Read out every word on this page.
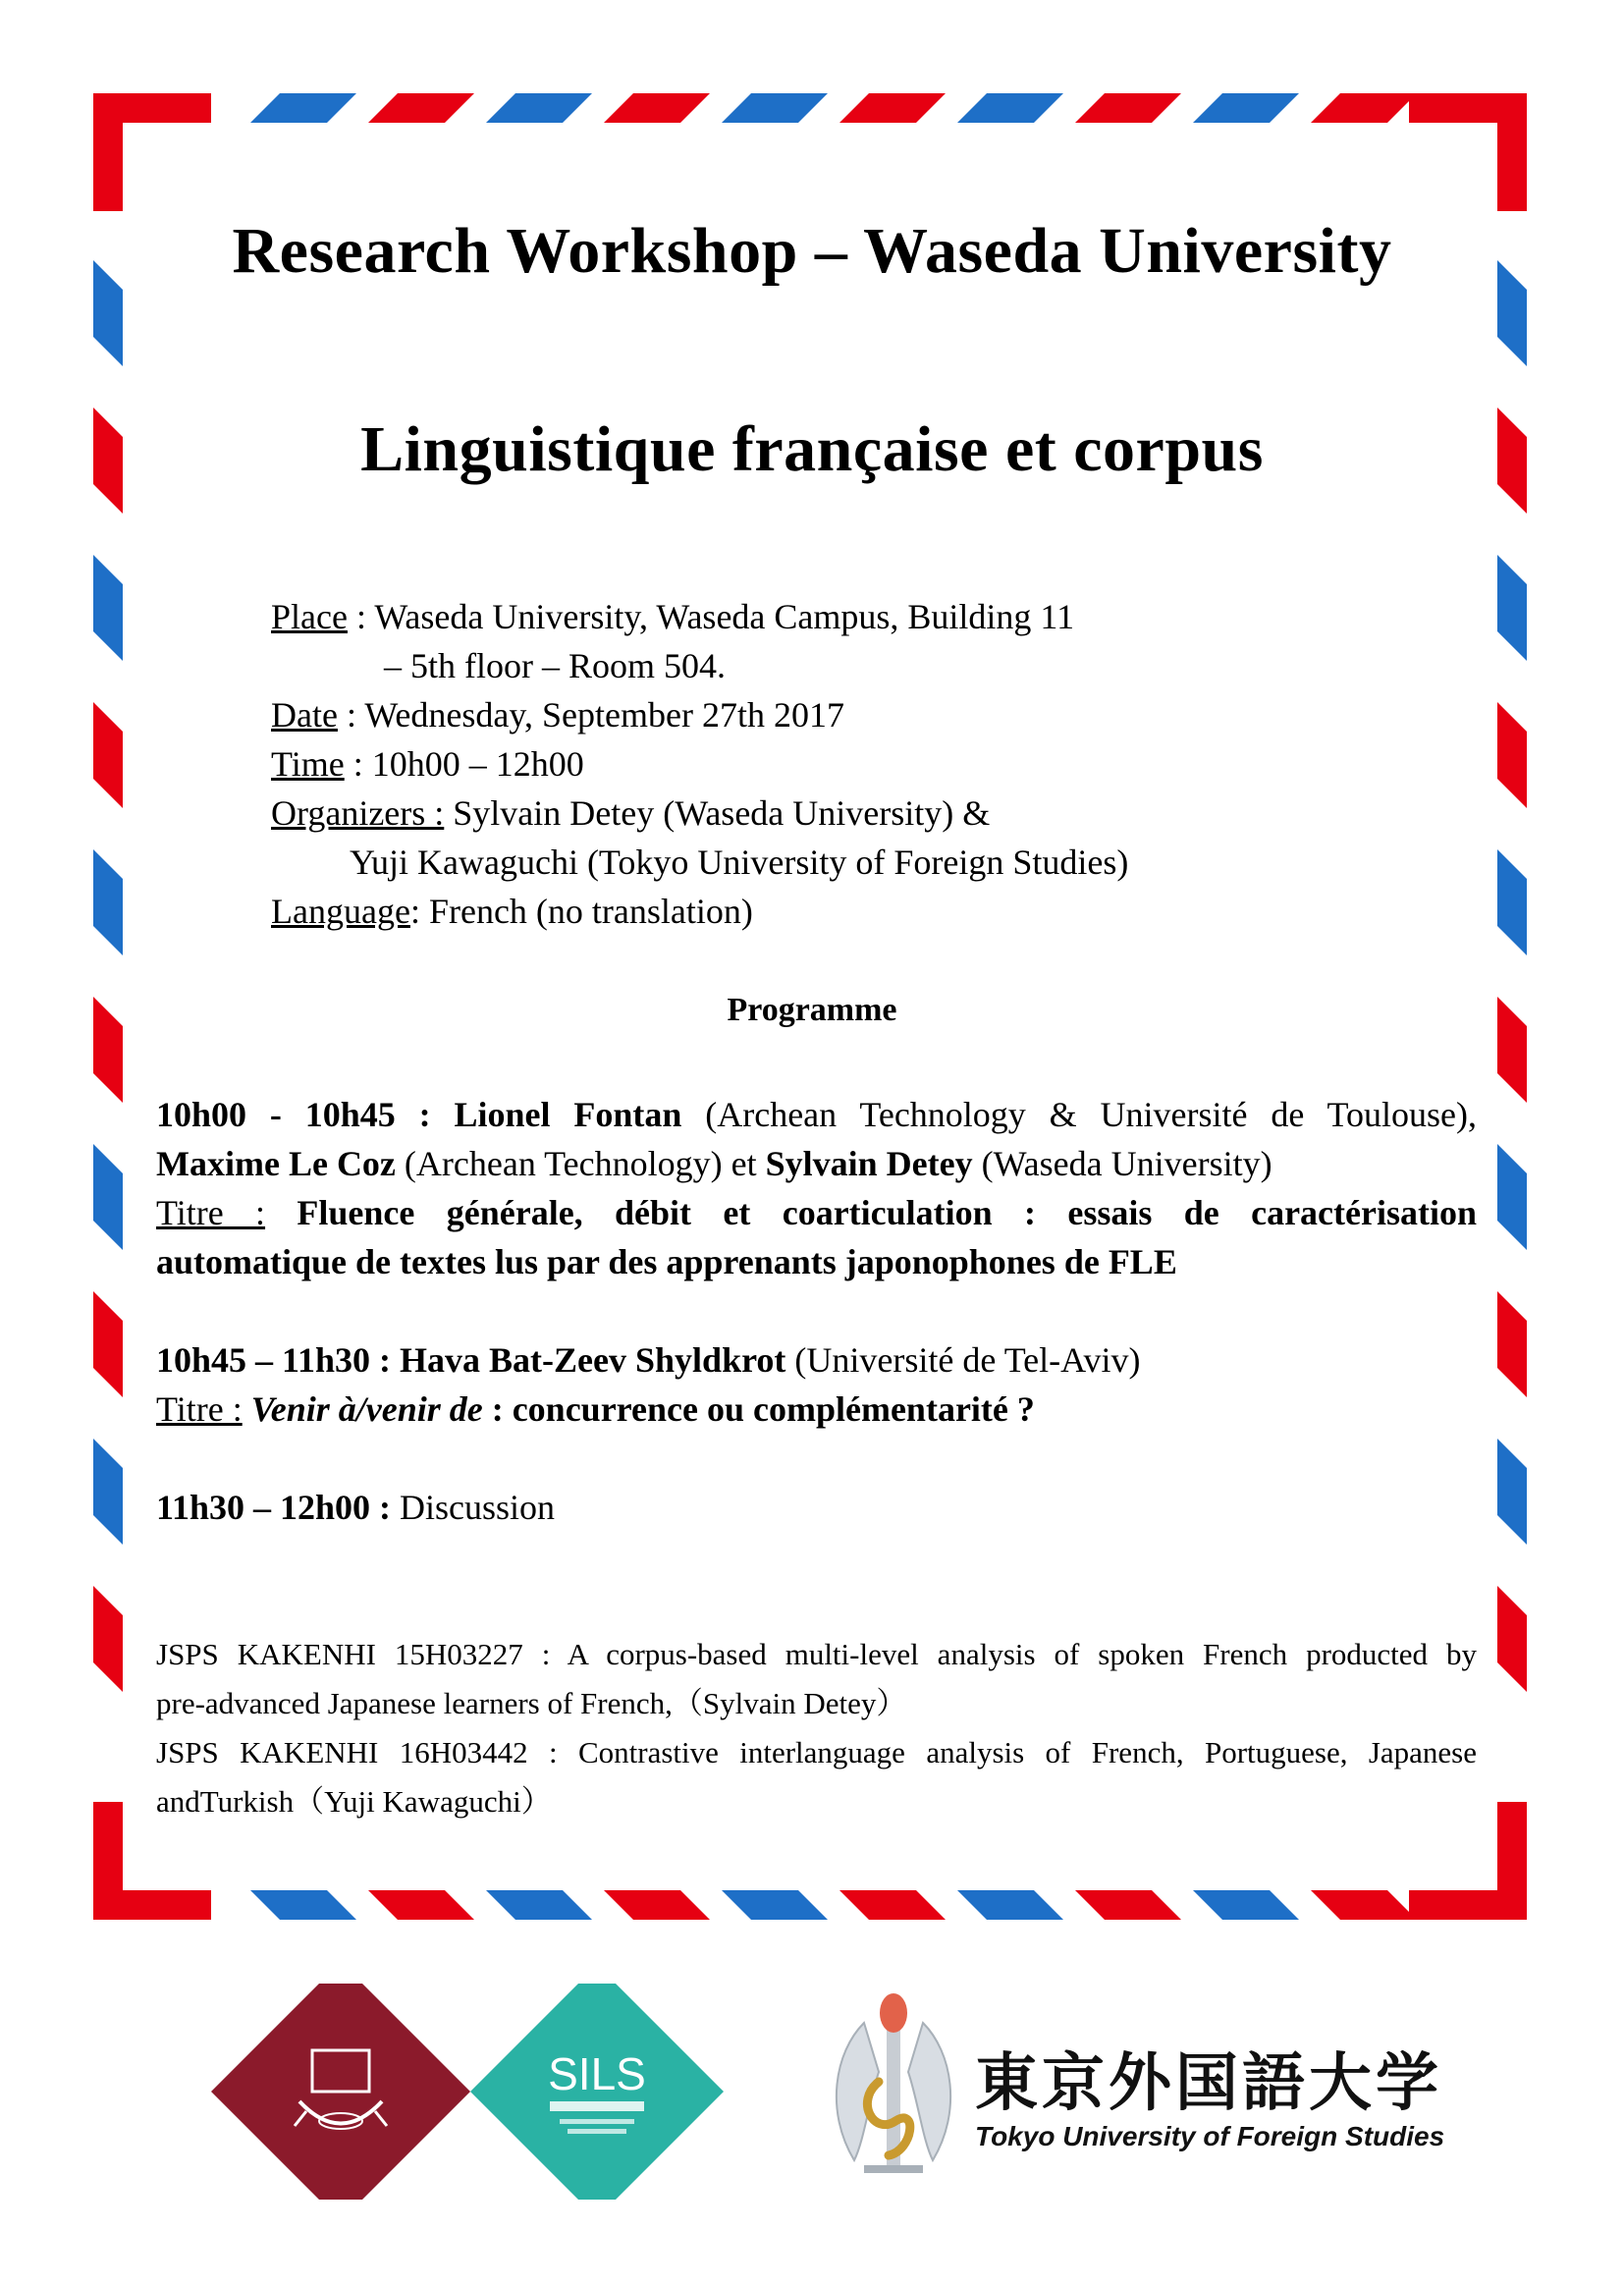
Research Workshop – Waseda University
Linguistique française et corpus
Place : Waseda University, Waseda Campus, Building 11
– 5th floor – Room 504.
Date : Wednesday, September 27th 2017
Time : 10h00 – 12h00
Organizers : Sylvain Detey (Waseda University) &
Yuji Kawaguchi (Tokyo University of Foreign Studies)
Language: French (no translation)
Programme
10h00 - 10h45 : Lionel Fontan (Archean Technology & Université de Toulouse),
Maxime Le Coz (Archean Technology) et Sylvain Detey (Waseda University)
Titre : Fluence générale, débit et coarticulation : essais de caractérisation
automatique de textes lus par des apprenants japonophones de FLE
10h45 – 11h30 : Hava Bat-Zeev Shyldkrot (Université de Tel-Aviv)
Titre : Venir à/venir de : concurrence ou complémentarité ?
11h30 – 12h00 : Discussion
JSPS KAKENHI 15H03227 : A corpus-based multi-level analysis of spoken French producted by
pre-advanced Japanese learners of French,（Sylvain Detey）
JSPS KAKENHI 16H03442 : Contrastive interlanguage analysis of French, Portuguese, Japanese
andTurkish（Yuji Kawaguchi）
SILS	東京外国語大学
Tokyo University of Foreign Studies
